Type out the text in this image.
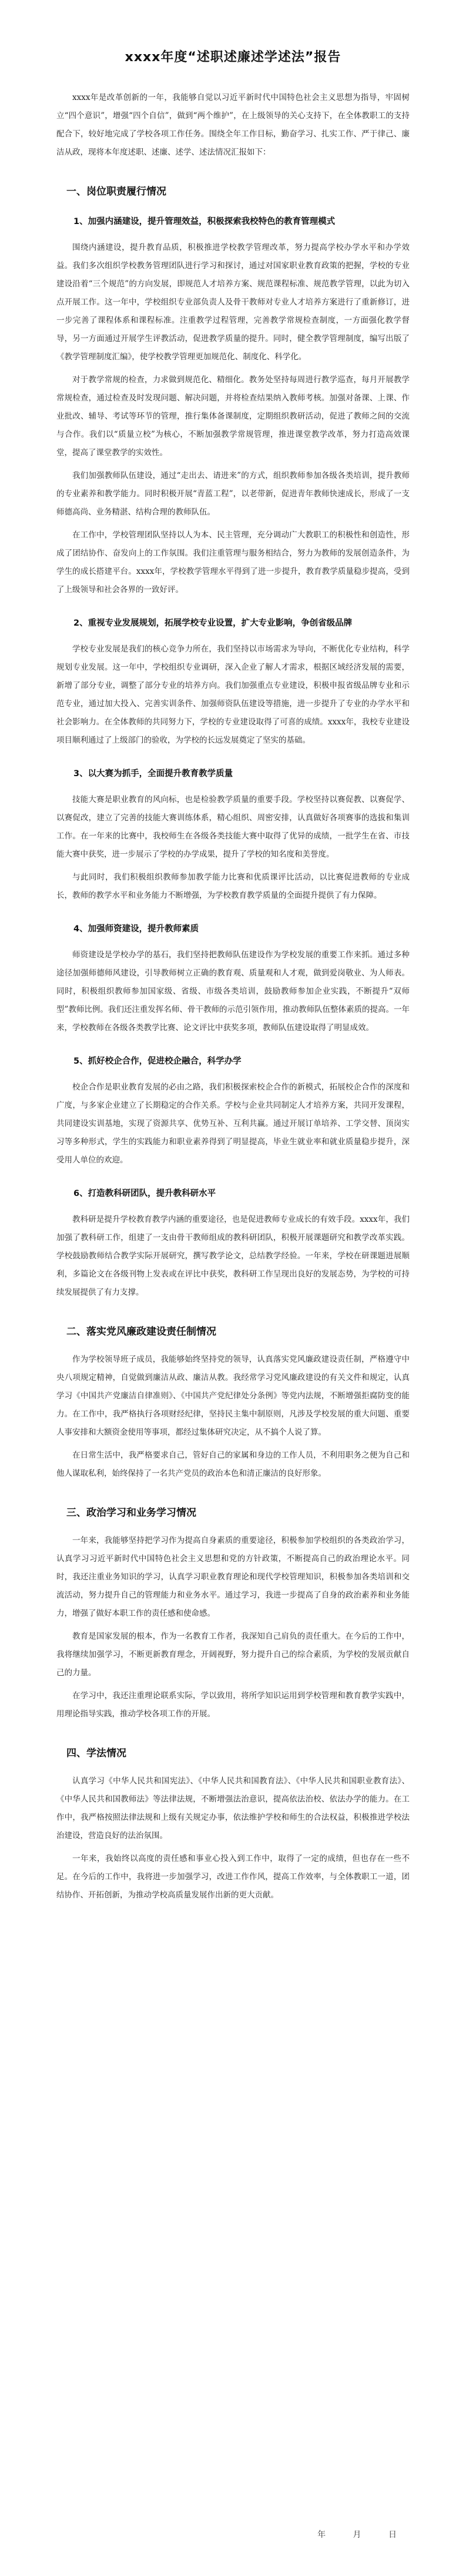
xxxx年度“述职述廉述学述法”报告

xxxx年是改革创新的一年，我能够自觉以习近平新时代中国特色社会主义思想为指导，牢固树立“四个意识”，增强“四个自信”，做到“两个维护”，在上级领导的关心支持下，在全体教职工的支持配合下，较好地完成了学校各项工作任务。围绕全年工作目标，勤奋学习、扎实工作、严于律己、廉洁从政，现将本年度述职、述廉、述学、述法情况汇报如下：

一、岗位职责履行情况
1、加强内涵建设，提升管理效益，积极探索我校特色的教育管理模式

围绕内涵建设，提升教育品质，积极推进学校教学管理改革，努力提高学校办学水平和办学效益。我们多次组织学校教务管理团队进行学习和探讨，通过对国家职业教育政策的把握，学校的专业建设沿着“三个规范”的方向发展，即规范人才培养方案、规范课程标准、规范教学管理，以此为切入点开展工作。这一年中，学校组织专业部负责人及骨干教师对专业人才培养方案进行了重新修订，进一步完善了课程体系和课程标准。注重教学过程管理，完善教学常规检查制度，一方面强化教学督导，另一方面通过开展学生评教活动，促进教学质量的提升。同时，健全教学管理制度，编写出版了《教学管理制度汇编》，使学校教学管理更加规范化、制度化、科学化。

对于教学常规的检查，力求做到规范化、精细化。教务处坚持每周进行教学巡查，每月开展教学常规检查，通过检查及时发现问题、解决问题，并将检查结果纳入教师考核。加强对备课、上课、作业批改、辅导、考试等环节的管理，推行集体备课制度，定期组织教研活动，促进了教师之间的交流与合作。我们以“质量立校”为核心，不断加强教学常规管理，推进课堂教学改革，努力打造高效课堂，提高了课堂教学的实效性。

我们加强教师队伍建设，通过“走出去、请进来”的方式，组织教师参加各级各类培训，提升教师的专业素养和教学能力。同时积极开展“青蓝工程”，以老带新，促进青年教师快速成长，形成了一支师德高尚、业务精湛、结构合理的教师队伍。

在工作中，学校管理团队坚持以人为本、民主管理，充分调动广大教职工的积极性和创造性，形成了团结协作、奋发向上的工作氛围。我们注重管理与服务相结合，努力为教师的发展创造条件，为学生的成长搭建平台。xxxx年，学校教学管理水平得到了进一步提升，教育教学质量稳步提高，受到了上级领导和社会各界的一致好评。

2、重视专业发展规划，拓展学校专业设置，扩大专业影响，争创省级品牌

学校专业发展是我们的核心竞争力所在，我们坚持以市场需求为导向，不断优化专业结构，科学规划专业发展。这一年中，学校组织专业调研，深入企业了解人才需求，根据区域经济发展的需要，新增了部分专业，调整了部分专业的培养方向。我们加强重点专业建设，积极申报省级品牌专业和示范专业，通过加大投入、完善实训条件、加强师资队伍建设等措施，进一步提升了专业的办学水平和社会影响力。在全体教师的共同努力下，学校的专业建设取得了可喜的成绩。xxxx年，我校专业建设项目顺利通过了上级部门的验收，为学校的长远发展奠定了坚实的基础。

3、以大赛为抓手，全面提升教育教学质量

技能大赛是职业教育的风向标，也是检验教学质量的重要手段。学校坚持以赛促教、以赛促学、以赛促改，建立了完善的技能大赛训练体系，精心组织、周密安排，认真做好各项赛事的选拔和集训工作。在一年来的比赛中，我校师生在各级各类技能大赛中取得了优异的成绩，一批学生在省、市技能大赛中获奖，进一步展示了学校的办学成果，提升了学校的知名度和美誉度。

与此同时，我们积极组织教师参加教学能力比赛和优质课评比活动，以比赛促进教师的专业成长，教师的教学水平和业务能力不断增强，为学校教育教学质量的全面提升提供了有力保障。

4、加强师资建设，提升教师素质

师资建设是学校办学的基石，我们坚持把教师队伍建设作为学校发展的重要工作来抓。通过多种途径加强师德师风建设，引导教师树立正确的教育观、质量观和人才观，做到爱岗敬业、为人师表。同时，积极组织教师参加国家级、省级、市级各类培训，鼓励教师参加企业实践，不断提升“双师型”教师比例。我们还注重发挥名师、骨干教师的示范引领作用，推动教师队伍整体素质的提高。一年来，学校教师在各级各类教学比赛、论文评比中获奖多项，教师队伍建设取得了明显成效。

5、抓好校企合作，促进校企融合，科学办学

校企合作是职业教育发展的必由之路，我们积极探索校企合作的新模式，拓展校企合作的深度和广度，与多家企业建立了长期稳定的合作关系。学校与企业共同制定人才培养方案，共同开发课程，共同建设实训基地，实现了资源共享、优势互补、互利共赢。通过开展订单培养、工学交替、顶岗实习等多种形式，学生的实践能力和职业素养得到了明显提高，毕业生就业率和就业质量稳步提升，深受用人单位的欢迎。

6、打造教科研团队，提升教科研水平

教科研是提升学校教育教学内涵的重要途径，也是促进教师专业成长的有效手段。xxxx年，我们加强了教科研工作，组建了一支由骨干教师组成的教科研团队，积极开展课题研究和教学改革实践。学校鼓励教师结合教学实际开展研究，撰写教学论文，总结教学经验。一年来，学校在研课题进展顺利，多篇论文在各级刊物上发表或在评比中获奖，教科研工作呈现出良好的发展态势，为学校的可持续发展提供了有力支撑。

二、落实党风廉政建设责任制情况

作为学校领导班子成员，我能够始终坚持党的领导，认真落实党风廉政建设责任制，严格遵守中央八项规定精神，自觉做到廉洁从政、廉洁从教。我经常学习党风廉政建设的有关文件和规定，认真学习《中国共产党廉洁自律准则》、《中国共产党纪律处分条例》等党内法规，不断增强拒腐防变的能力。在工作中，我严格执行各项财经纪律，坚持民主集中制原则，凡涉及学校发展的重大问题、重要人事安排和大额资金使用等事项，都经过集体研究决定，从不搞个人说了算。

在日常生活中，我严格要求自己，管好自己的家属和身边的工作人员，不利用职务之便为自己和他人谋取私利，始终保持了一名共产党员的政治本色和清正廉洁的良好形象。

三、政治学习和业务学习情况

一年来，我能够坚持把学习作为提高自身素质的重要途径，积极参加学校组织的各类政治学习，认真学习习近平新时代中国特色社会主义思想和党的方针政策，不断提高自己的政治理论水平。同时，我还注重业务知识的学习，认真学习职业教育理论和现代学校管理知识，积极参加各类培训和交流活动，努力提升自己的管理能力和业务水平。通过学习，我进一步提高了自身的政治素养和业务能力，增强了做好本职工作的责任感和使命感。

教育是国家发展的根本，作为一名教育工作者，我深知自己肩负的责任重大。在今后的工作中，我将继续加强学习，不断更新教育理念，开阔视野，努力提升自己的综合素质，为学校的发展贡献自己的力量。

在学习中，我还注重理论联系实际，学以致用，将所学知识运用到学校管理和教育教学实践中，用理论指导实践，推动学校各项工作的开展。

四、学法情况

认真学习《中华人民共和国宪法》、《中华人民共和国教育法》、《中华人民共和国职业教育法》、《中华人民共和国教师法》等法律法规，不断增强法治意识，提高依法治校、依法办学的能力。在工作中，我严格按照法律法规和上级有关规定办事，依法维护学校和师生的合法权益，积极推进学校法治建设，营造良好的法治氛围。

一年来，我始终以高度的责任感和事业心投入到工作中，取得了一定的成绩，但也存在一些不足。在今后的工作中，我将进一步加强学习，改进工作作风，提高工作效率，与全体教职工一道，团结协作、开拓创新，为推动学校高质量发展作出新的更大贡献。

年	月	日
